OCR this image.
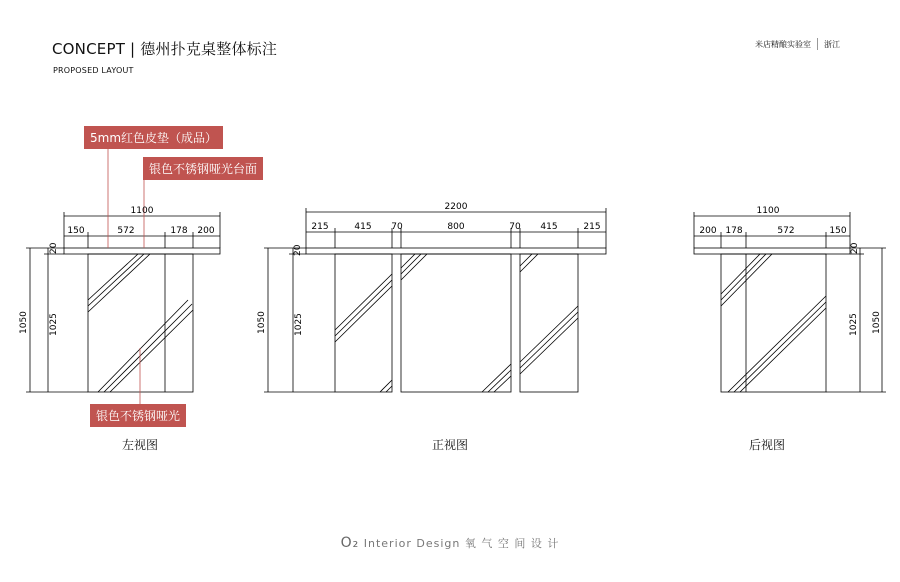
CONCEPT | 德州扑克桌整体标注
PROPOSED LAYOUT
米店精酿实验室 浙江
1100
150	572	178 200
20
1025
1050
2200
215	415 70	800	70 415	215
20
1025
1050
1100
200 178	572	150
20
1025 1050
5mm红色皮垫（成品）
银色不锈钢哑光台面
银色不锈钢哑光
左视图	正视图	后视图
O₂ Interior Design 氧 气 空 间 设 计
